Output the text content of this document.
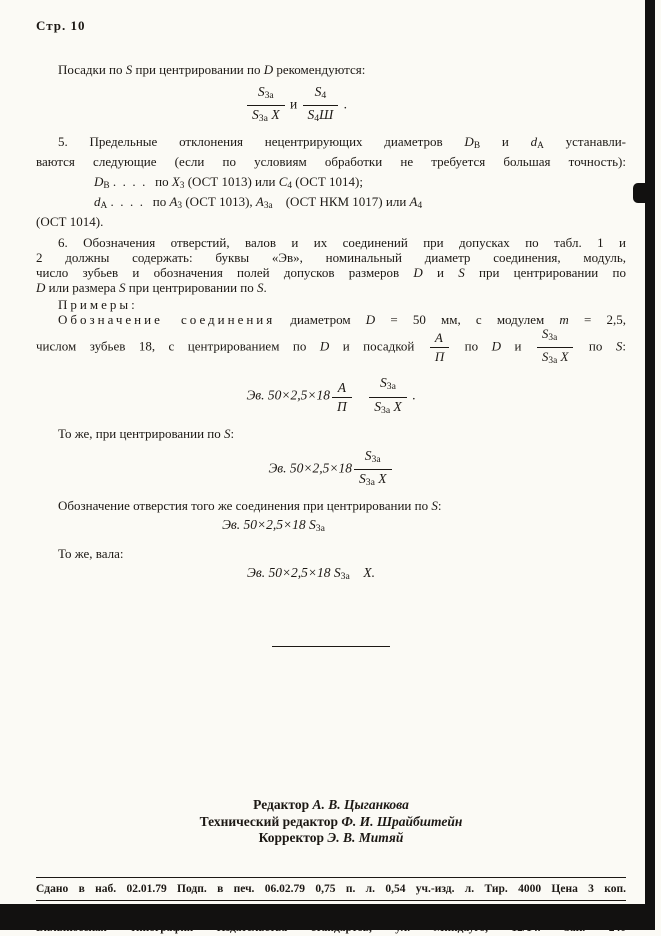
Стр. 10
Посадки по S при центрировании по D рекомендуются:
$\frac{S3а}{\text{S3а X}}$ и $\frac{S4}{S4Ш}$ .
5. Предельные отклонения нецентрирующих диаметров DВ и dА устанавли-
ваются следующие (если по условиям обработки не требуется большая точность):
DВ . . . .  по Х3 (ОСТ 1013) или С4 (ОСТ 1014);
dА . . . .  по А3 (ОСТ 1013), А3а (ОСТ НКМ 1017) или А4
(ОСТ 1014).
6. Обозначения отверстий, валов и их соединений при допусках по табл. 1 и
2 должны содержать: буквы «Эв», номинальный диаметр соединения, модуль,
число зубьев и обозначения полей допусков размеров D и S при центрировании по
D или размера S при центрировании по S.
Примеры:
Обозначение соединения диаметром D = 50 мм, с модулем m = 2,5,
числом зубьев 18, с центрированием по D и посадкой $\frac{А}{П}$ по D и $\frac{S3а}{\text{S3а X}}$ по S:
Эв. $50\times 2,5\times 18 \frac{А}{П}$
  $\frac{S3а}{\text{S3а X}}$ .
То же, при центрировании по S:
Эв. $50\times 2,5\times 18 \frac{S3а}{\text{S3а X}}$
Обозначение отверстия того же соединения при центрировании по S:
Эв. 50×2,5×18 S3а
То же, вала:
Эв. 50×2,5×18 S3а  X.
Редактор А. В. Цыганкова
Технический редактор Ф. И. Шрайбштейн
Корректор Э. В. Митяй
Сдано в наб. 02.01.79 Подп. в печ. 06.02.79 0,75 п. л. 0,54 уч.-изд. л. Тир. 4000 Цена 3 коп.
